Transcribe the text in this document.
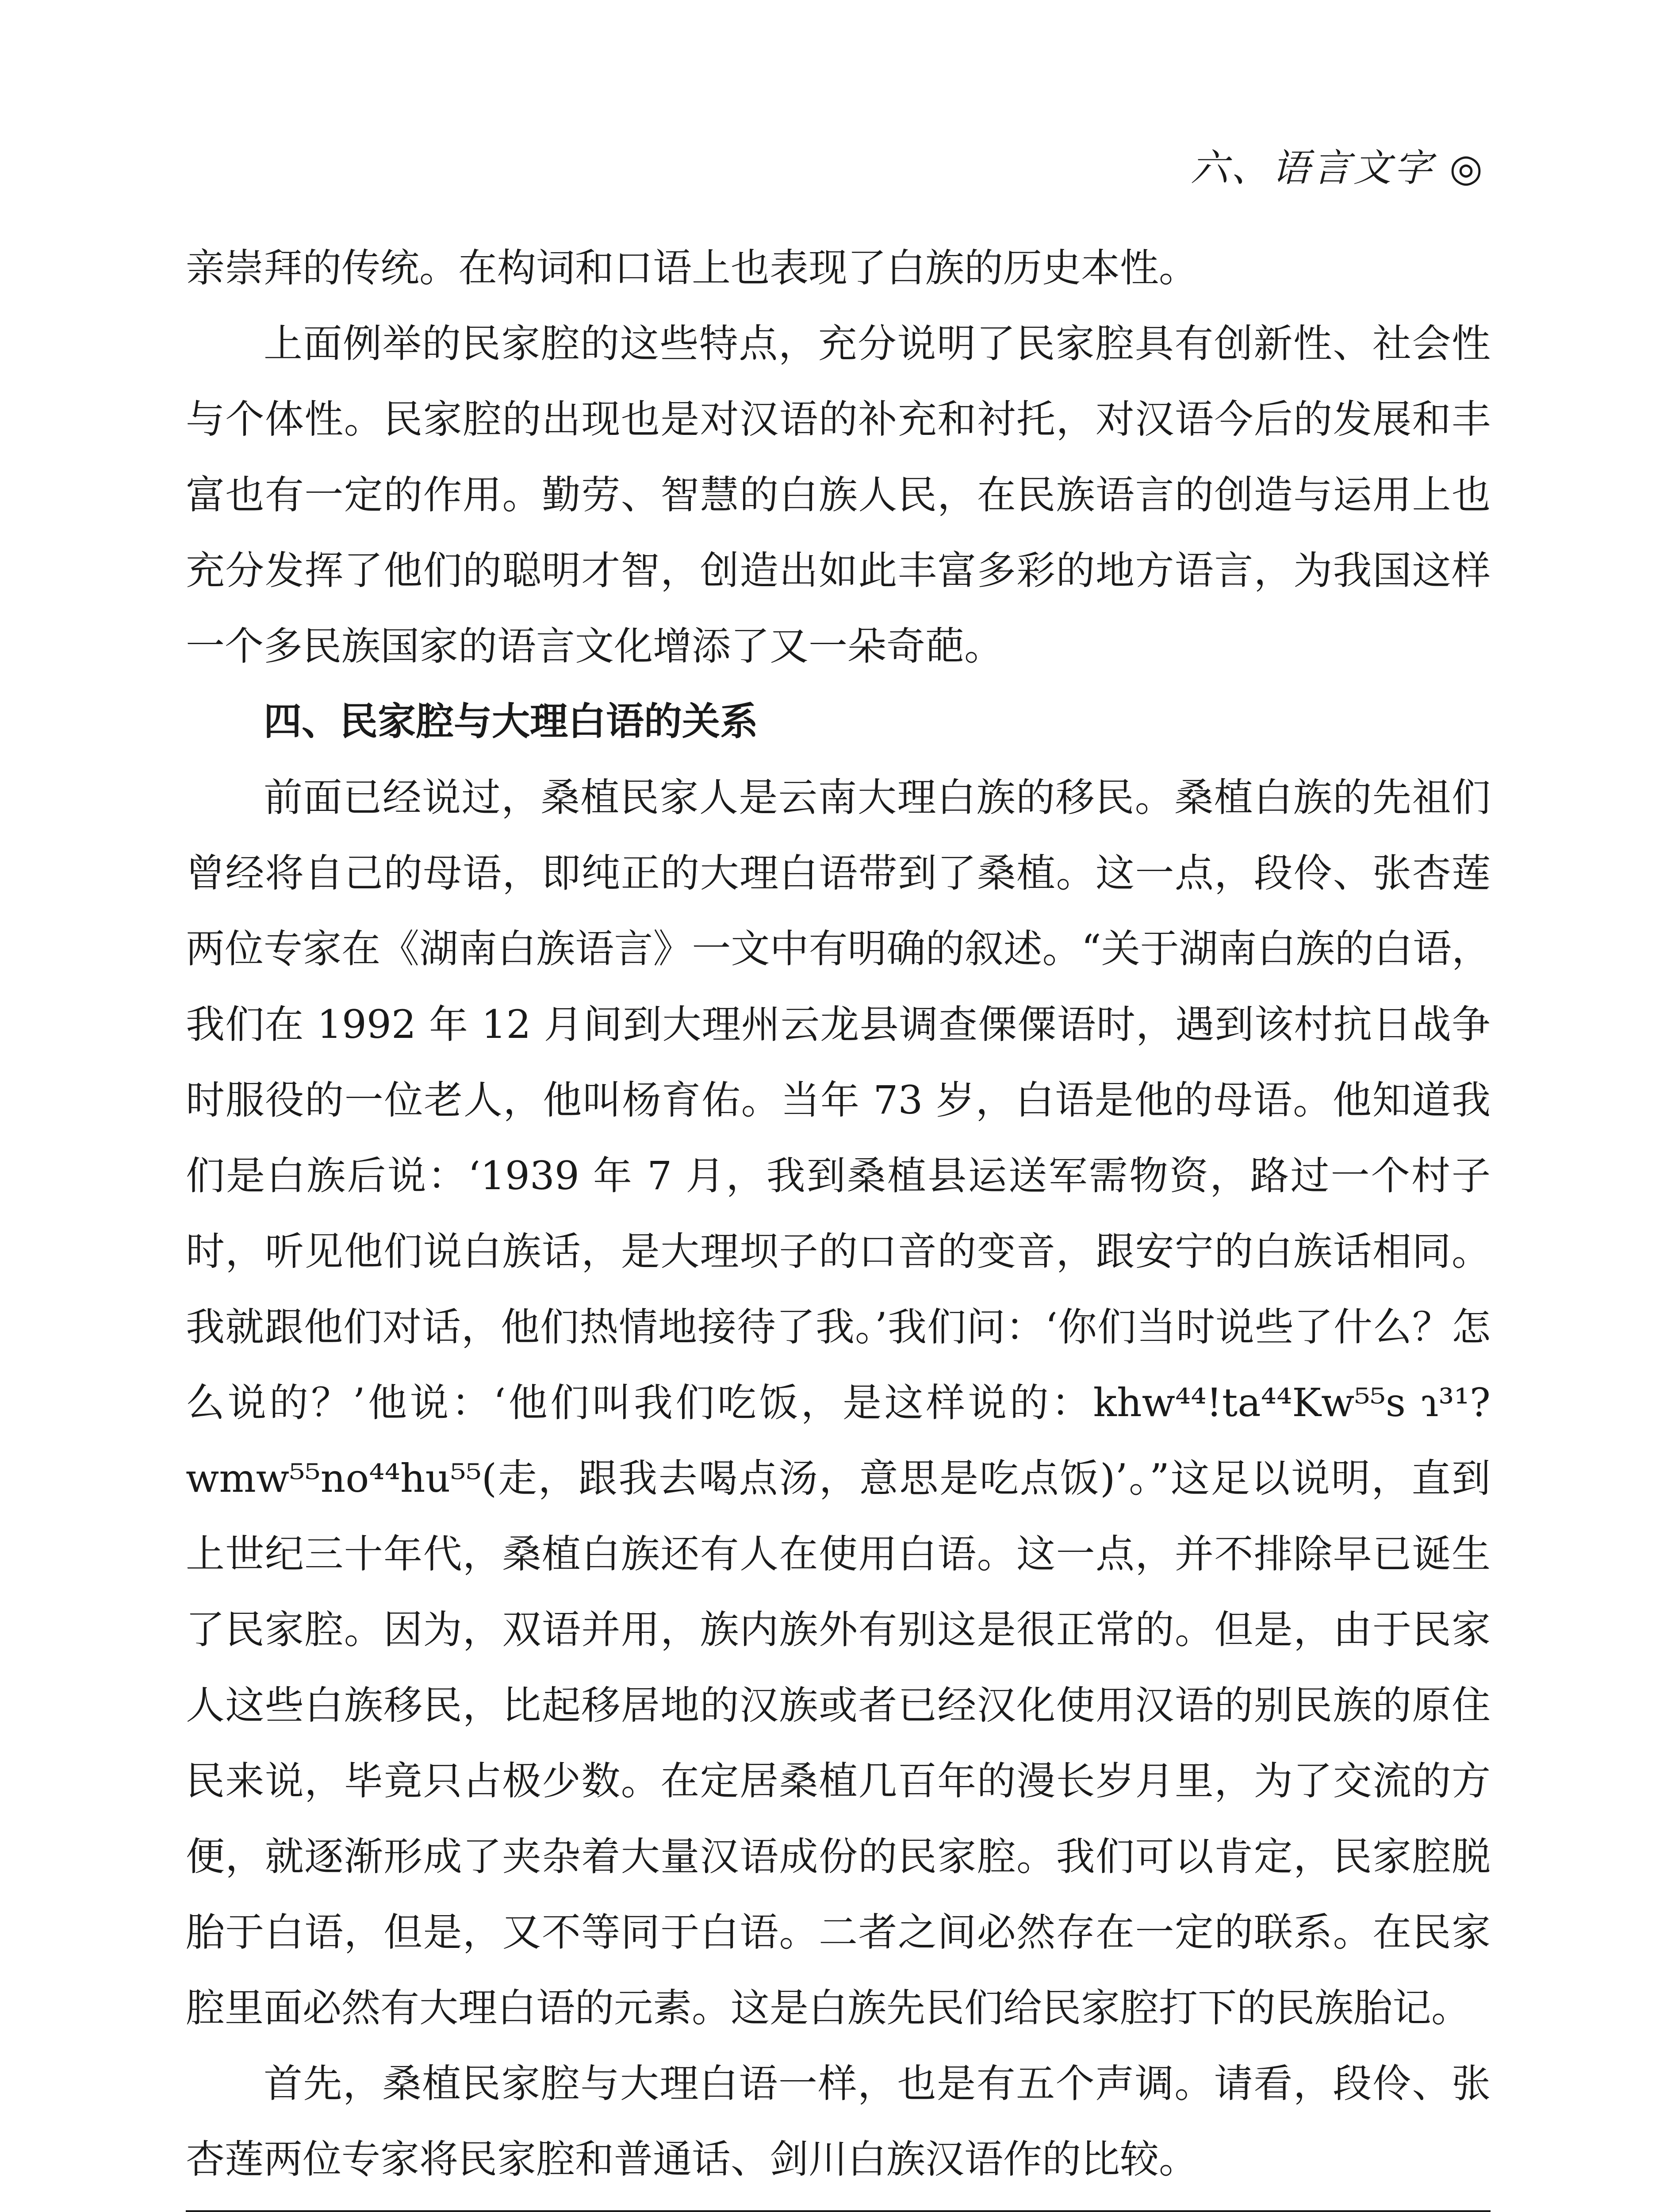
六、语言文字 ◎

亲崇拜的传统。在构词和口语上也表现了白族的历史本性。

上面例举的民家腔的这些特点，充分说明了民家腔具有创新性、社会性与个体性。民家腔的出现也是对汉语的补充和衬托，对汉语今后的发展和丰富也有一定的作用。勤劳、智慧的白族人民，在民族语言的创造与运用上也充分发挥了他们的聪明才智，创造出如此丰富多彩的地方语言，为我国这样一个多民族国家的语言文化增添了又一朵奇葩。

四、民家腔与大理白语的关系

前面已经说过，桑植民家人是云南大理白族的移民。桑植白族的先祖们曾经将自己的母语，即纯正的大理白语带到了桑植。这一点，段伶、张杏莲两位专家在《湖南白族语言》一文中有明确的叙述。“关于湖南白族的白语，我们在 1992 年 12 月间到大理州云龙县调查傈僳语时，遇到该村抗日战争时服役的一位老人，他叫杨育佑。当年 73 岁，白语是他的母语。他知道我们是白族后说：‘1939 年 7 月，我到桑植县运送军需物资，路过一个村子时，听见他们说白族话，是大理坝子的口音的变音，跟安宁的白族话相同。我就跟他们对话，他们热情地接待了我。’我们问：‘你们当时说些了什么？怎么说的？’他说：‘他们叫我们吃饭，是这样说的：khw⁴⁴!ta⁴⁴Kw⁵⁵s ɿ³¹?wmw⁵⁵no⁴⁴hu⁵⁵(走，跟我去喝点汤，意思是吃点饭)’。”这足以说明，直到上世纪三十年代，桑植白族还有人在使用白语。这一点，并不排除早已诞生了民家腔。因为，双语并用，族内族外有别这是很正常的。但是，由于民家人这些白族移民，比起移居地的汉族或者已经汉化使用汉语的别民族的原住民来说，毕竟只占极少数。在定居桑植几百年的漫长岁月里，为了交流的方便，就逐渐形成了夹杂着大量汉语成份的民家腔。我们可以肯定，民家腔脱胎于白语，但是，又不等同于白语。二者之间必然存在一定的联系。在民家腔里面必然有大理白语的元素。这是白族先民们给民家腔打下的民族胎记。

首先，桑植民家腔与大理白语一样，也是有五个声调。请看，段伶、张杏莲两位专家将民家腔和普通话、剑川白族汉语作的比较。
